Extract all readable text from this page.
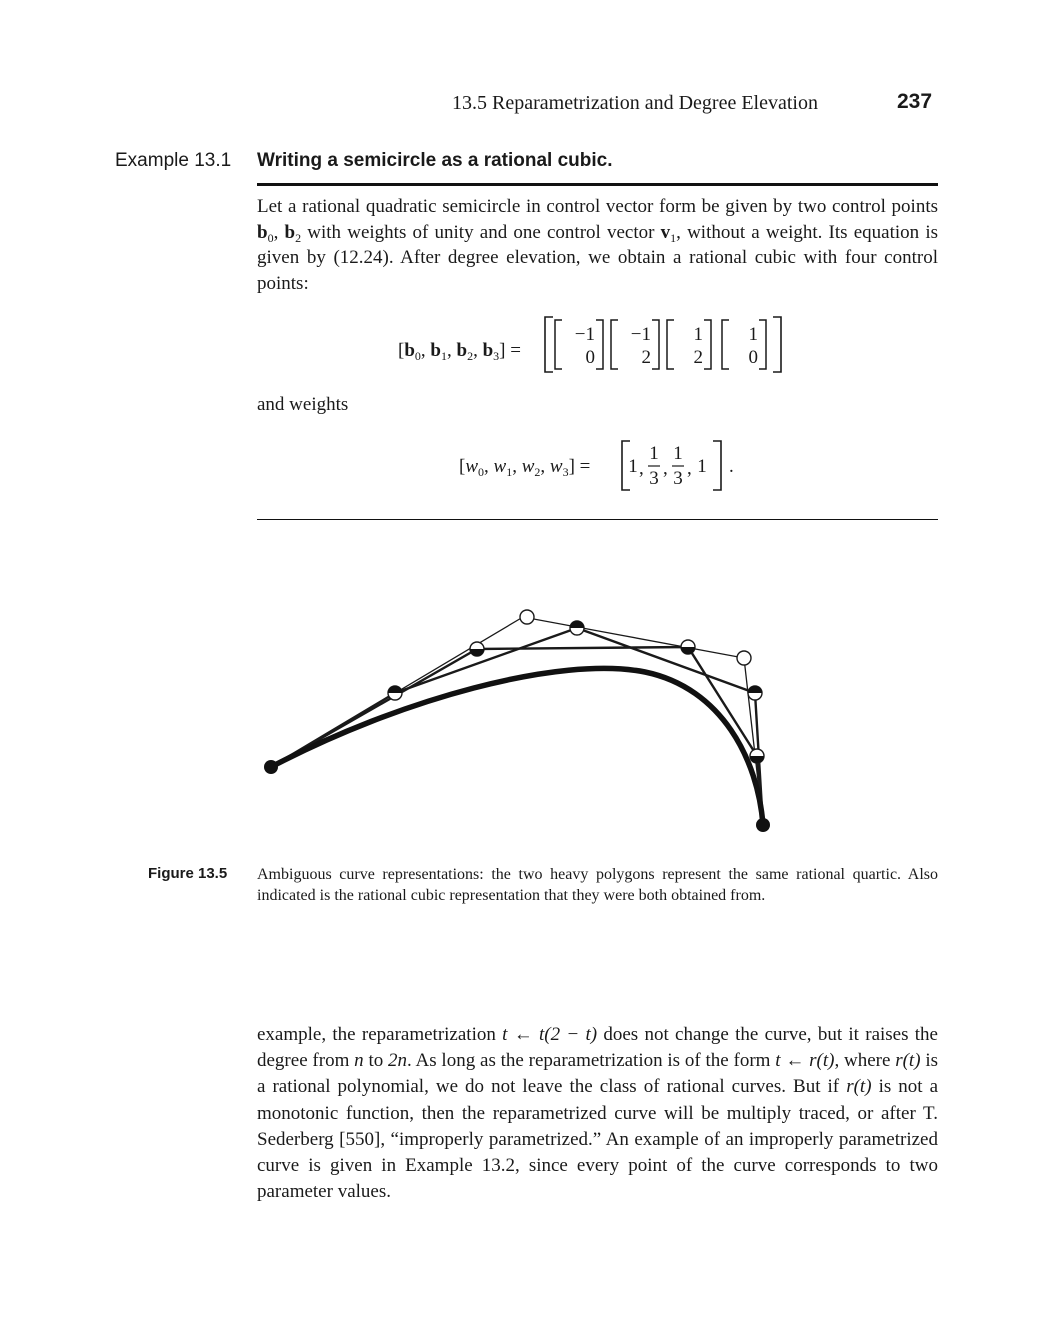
13.5 Reparametrization and Degree Elevation	237
Example 13.1 Writing a semicircle as a rational cubic.
Let a rational quadratic semicircle in control vector form be given by two control points $b_0$, $b_2$ with weights of unity and one control vector $v_1$, without a weight. Its equation is given by (12.24). After degree elevation, we obtain a rational cubic with four control points:
[$b_0$, $b_1$, $b_2$, $b_3$] =
−1
0
−1
2
1
2
1
0
[$w_0$, $w_1$, $w_2$, $w_3] = 1$ ,
1
3 ,
1
3 , 1 .
and weights
Figure 13.5 Ambiguous curve representations: the two heavy polygons represent the same rational quartic. Also indicated is the rational cubic representation that they were both obtained from.
example, the reparametrization t ← t(2 − t) does not change the curve, but it raises the degree from n to 2n. As long as the reparametrization is of the form t ← r(t), where r(t) is a rational polynomial, we do not leave the class of rational curves. But if r(t) is not a monotonic function, then the reparametrized curve will be multiply traced, or after T. Sederberg [550], “improperly parametrized.” An example of an improperly parametrized curve is given in Example 13.2, since every point of the curve corresponds to two parameter values.
